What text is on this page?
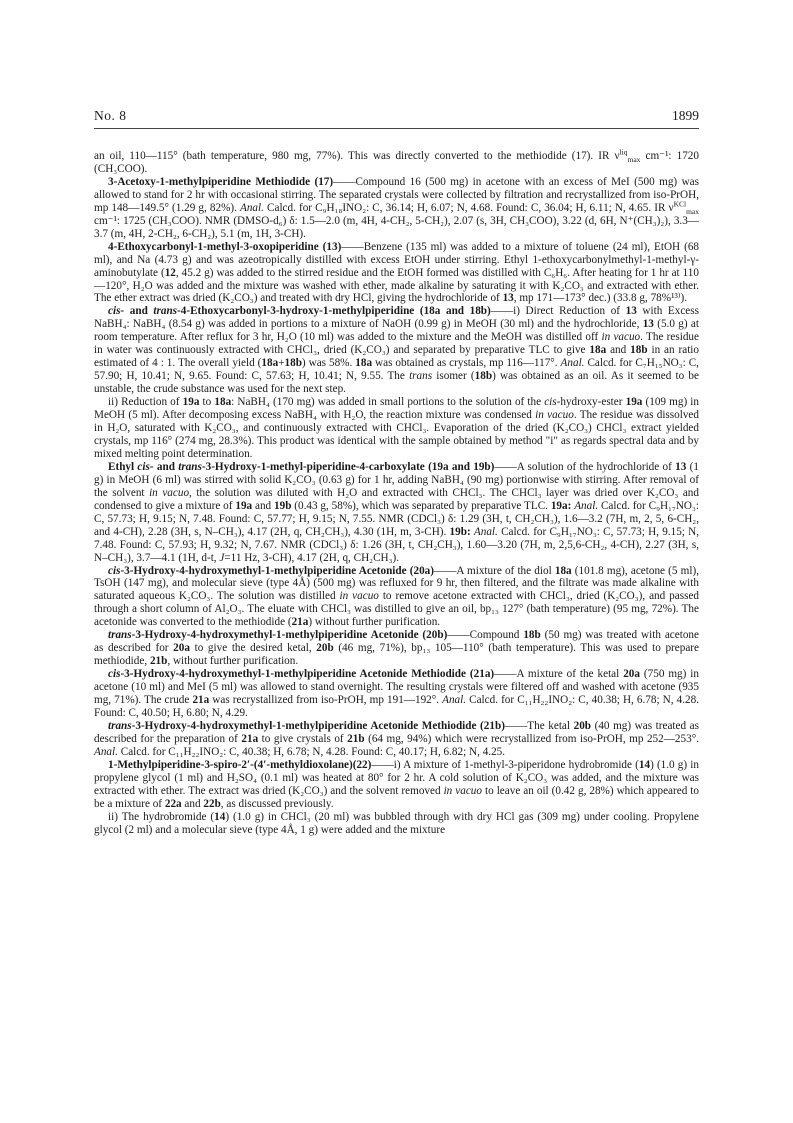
No. 8	1899

an oil, 110—115° (bath temperature, 980 mg, 77%). This was directly converted to the methiodide (17). IR $\nu^{liq}_{max}$ cm⁻¹: 1720 (CH₃COO).

3-Acetoxy-1-methylpiperidine Methiodide (17)——Compound 16 (500 mg) in acetone with an excess of MeI (500 mg) was allowed to stand for 2 hr with occasional stirring. The separated crystals were collected by filtration and recrystallized from iso-PrOH, mp 148—149.5° (1.29 g, 82%). Anal. Calcd. for C₉H₁₈INO₂: C, 36.14; H, 6.07; N, 4.68. Found: C, 36.04; H, 6.11; N, 4.65. IR $\nu^{KCl}_{max}$ cm⁻¹: 1725 (CH₃COO). NMR (DMSO-d₆) δ: 1.5—2.0 (m, 4H, 4-CH₂, 5-CH₂), 2.07 (s, 3H, CH₃COO), 3.22 (d, 6H, N⁺(CH₃)₂), 3.3—3.7 (m, 4H, 2-CH₂, 6-CH₂), 5.1 (m, 1H, 3-CH).

4-Ethoxycarbonyl-1-methyl-3-oxopiperidine (13)——Benzene (135 ml) was added to a mixture of toluene (24 ml), EtOH (68 ml), and Na (4.73 g) and was azeotropically distilled with excess EtOH under stirring. Ethyl 1-ethoxycarbonylmethyl-1-methyl-γ-aminobutylate (12, 45.2 g) was added to the stirred residue and the EtOH formed was distilled with C₆H₆. After heating for 1 hr at 110—120°, H₂O was added and the mixture was washed with ether, made alkaline by saturating it with K₂CO₃ and extracted with ether. The ether extract was dried (K₂CO₃) and treated with dry HCl, giving the hydrochloride of 13, mp 171—173° dec.) (33.8 g, 78%¹³⁾).

cis- and trans-4-Ethoxycarbonyl-3-hydroxy-1-methylpiperidine (18a and 18b)——i) Direct Reduction of 13 with Excess NaBH₄: NaBH₄ (8.54 g) was added in portions to a mixture of NaOH (0.99 g) in MeOH (30 ml) and the hydrochloride, 13 (5.0 g) at room temperature. After reflux for 3 hr, H₂O (10 ml) was added to the mixture and the MeOH was distilled off in vacuo. The residue in water was continuously extracted with CHCl₃, dried (K₂CO₃) and separated by preparative TLC to give 18a and 18b in an ratio estimated of 4 : 1. The overall yield (18a+18b) was 58%. 18a was obtained as crystals, mp 116—117°. Anal. Calcd. for C₇H₁₅NO₃: C, 57.90; H, 10.41; N, 9.65. Found: C, 57.63; H, 10.41; N, 9.55. The trans isomer (18b) was obtained as an oil. As it seemed to be unstable, the crude substance was used for the next step.

ii) Reduction of 19a to 18a: NaBH₄ (170 mg) was added in small portions to the solution of the cis-hydroxy-ester 19a (109 mg) in MeOH (5 ml). After decomposing excess NaBH₄ with H₂O, the reaction mixture was condensed in vacuo. The residue was dissolved in H₂O, saturated with K₂CO₃, and continuously extracted with CHCl₃. Evaporation of the dried (K₂CO₃) CHCl₃ extract yielded crystals, mp 116° (274 mg, 28.3%). This product was identical with the sample obtained by method "i" as regards spectral data and by mixed melting point determination.

Ethyl cis- and trans-3-Hydroxy-1-methyl-piperidine-4-carboxylate (19a and 19b)——A solution of the hydrochloride of 13 (1 g) in MeOH (6 ml) was stirred with solid K₂CO₃ (0.63 g) for 1 hr, adding NaBH₄ (90 mg) portionwise with stirring. After removal of the solvent in vacuo, the solution was diluted with H₂O and extracted with CHCl₃. The CHCl₃ layer was dried over K₂CO₃ and condensed to give a mixture of 19a and 19b (0.43 g, 58%), which was separated by preparative TLC. 19a: Anal. Calcd. for C₉H₁₇NO₃: C, 57.73; H, 9.15; N, 7.48. Found: C, 57.77; H, 9.15; N, 7.55. NMR (CDCl₃) δ: 1.29 (3H, t, CH₂CH₃), 1.6—3.2 (7H, m, 2, 5, 6-CH₂, and 4-CH), 2.28 (3H, s, N–CH₃), 4.17 (2H, q, CH₂CH₃), 4.30 (1H, m, 3-CH). 19b: Anal. Calcd. for C₉H₁₇NO₃: C, 57.73; H, 9.15; N, 7.48. Found: C, 57.93; H, 9.32; N, 7.67. NMR (CDCl₃) δ: 1.26 (3H, t, CH₂CH₃), 1.60—3.20 (7H, m, 2,5,6-CH₂, 4-CH), 2.27 (3H, s, N–CH₃), 3.7—4.1 (1H, d-t, J=11 Hz, 3-CH), 4.17 (2H, q, CH₂CH₃).

cis-3-Hydroxy-4-hydroxymethyl-1-methylpiperidine Acetonide (20a)——A mixture of the diol 18a (101.8 mg), acetone (5 ml), TsOH (147 mg), and molecular sieve (type 4Å) (500 mg) was refluxed for 9 hr, then filtered, and the filtrate was made alkaline with saturated aqueous K₂CO₃. The solution was distilled in vacuo to remove acetone extracted with CHCl₃, dried (K₂CO₃), and passed through a short column of Al₂O₃. The eluate with CHCl₃ was distilled to give an oil, bp₁₃ 127° (bath temperature) (95 mg, 72%). The acetonide was converted to the methiodide (21a) without further purification.

trans-3-Hydroxy-4-hydroxymethyl-1-methylpiperidine Acetonide (20b)——Compound 18b (50 mg) was treated with acetone as described for 20a to give the desired ketal, 20b (46 mg, 71%), bp₁₃ 105—110° (bath temperature). This was used to prepare methiodide, 21b, without further purification.

cis-3-Hydroxy-4-hydroxymethyl-1-methylpiperidine Acetonide Methiodide (21a)——A mixture of the ketal 20a (750 mg) in acetone (10 ml) and MeI (5 ml) was allowed to stand overnight. The resulting crystals were filtered off and washed with acetone (935 mg, 71%). The crude 21a was recrystallized from iso-PrOH, mp 191—192°. Anal. Calcd. for C₁₁H₂₂INO₂: C, 40.38; H, 6.78; N, 4.28. Found: C, 40.50; H, 6.80; N, 4.29.

trans-3-Hydroxy-4-hydroxymethyl-1-methylpiperidine Acetonide Methiodide (21b)——The ketal 20b (40 mg) was treated as described for the preparation of 21a to give crystals of 21b (64 mg, 94%) which were recrystallized from iso-PrOH, mp 252—253°. Anal. Calcd. for C₁₁H₂₂INO₂: C, 40.38; H, 6.78; N, 4.28. Found: C, 40.17; H, 6.82; N, 4.25.

1-Methylpiperidine-3-spiro-2′-(4′-methyldioxolane)(22)——i) A mixture of 1-methyl-3-piperidone hydrobromide (14) (1.0 g) in propylene glycol (1 ml) and H₂SO₄ (0.1 ml) was heated at 80° for 2 hr. A cold solution of K₂CO₃ was added, and the mixture was extracted with ether. The extract was dried (K₂CO₃) and the solvent removed in vacuo to leave an oil (0.42 g, 28%) which appeared to be a mixture of 22a and 22b, as discussed previously.

ii) The hydrobromide (14) (1.0 g) in CHCl₃ (20 ml) was bubbled through with dry HCl gas (309 mg) under cooling. Propylene glycol (2 ml) and a molecular sieve (type 4Å, 1 g) were added and the mixture
